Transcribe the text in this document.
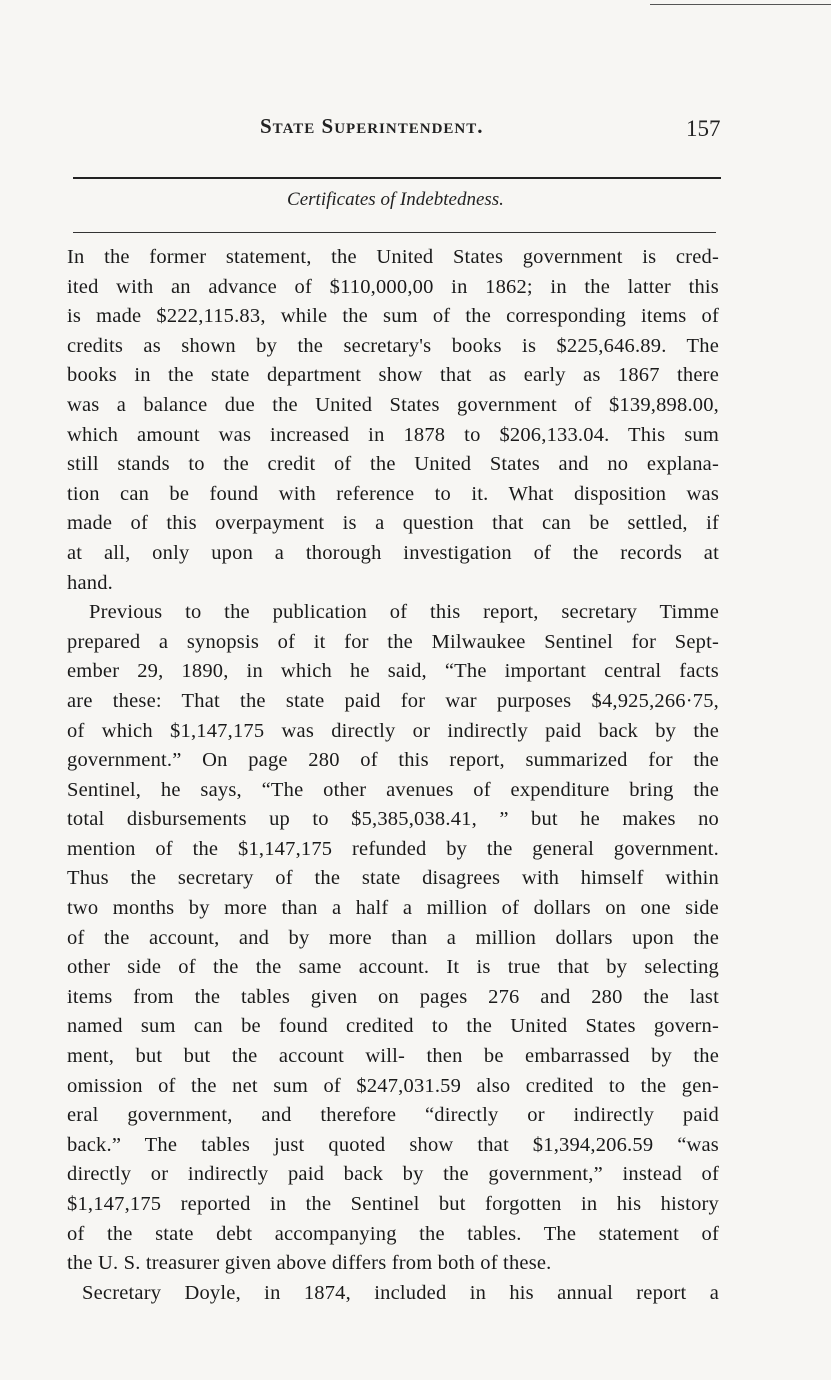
State Superintendent.	157
Certificates of Indebtedness.
In the former statement, the United States government is cred-
ited with an advance of $110,000,00 in 1862; in the latter this
is made $222,115.83, while the sum of the corresponding items of
credits as shown by the secretary's books is $225,646.89. The
books in the state department show that as early as 1867 there
was a balance due the United States government of $139,898.00,
which amount was increased in 1878 to $206,133.04. This sum
still stands to the credit of the United States and no explana-
tion can be found with reference to it. What disposition was
made of this overpayment is a question that can be settled, if
at all, only upon a thorough investigation of the records at
hand.
Previous to the publication of this report, secretary Timme
prepared a synopsis of it for the Milwaukee Sentinel for Sept-
ember 29, 1890, in which he said, “The important central facts
are these: That the state paid for war purposes $4,925,266·75,
of which $1,147,175 was directly or indirectly paid back by the
government.” On page 280 of this report, summarized for the
Sentinel, he says, “The other avenues of expenditure bring the
total disbursements up to $5,385,038.41, ” but he makes no
mention of the $1,147,175 refunded by the general government.
Thus the secretary of the state disagrees with himself within
two months by more than a half a million of dollars on one side
of the account, and by more than a million dollars upon the
other side of the the same account. It is true that by selecting
items from the tables given on pages 276 and 280 the last
named sum can be found credited to the United States govern-
ment, but but the account will- then be embarrassed by the
omission of the net sum of $247,031.59 also credited to the gen-
eral government, and therefore “directly or indirectly paid
back.” The tables just quoted show that $1,394,206.59 “was
directly or indirectly paid back by the government,” instead of
$1,147,175 reported in the Sentinel but forgotten in his history
of the state debt accompanying the tables. The statement of
the U. S. treasurer given above differs from both of these.
Secretary Doyle, in 1874, included in his annual report a
